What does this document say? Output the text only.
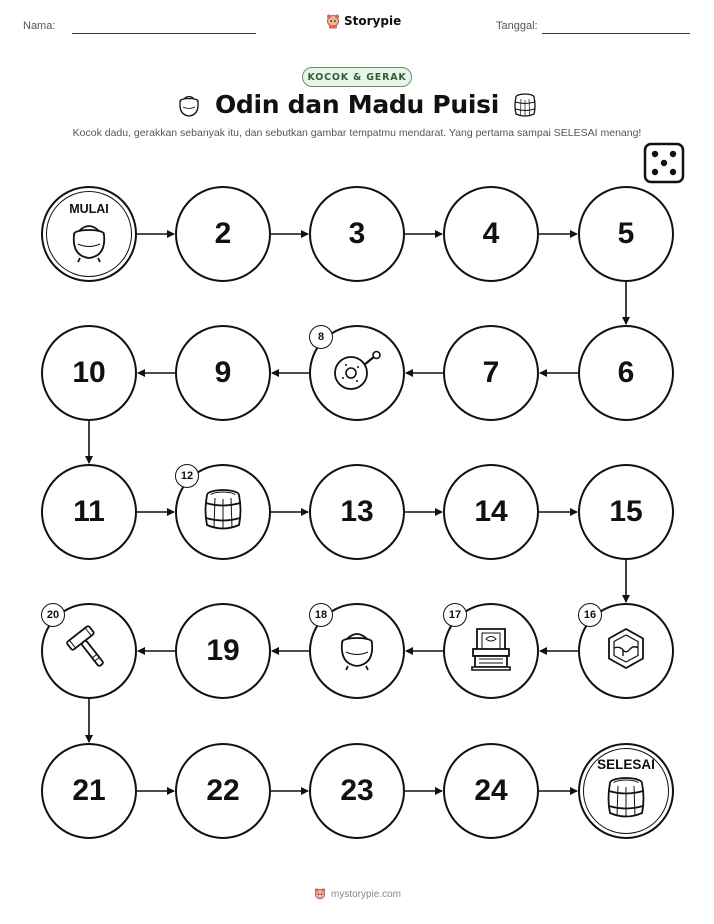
Nama:	Storypie	Tanggal:
KOCOK & GERAK
Odin dan Madu Puisi
Kocok dadu, gerakkan sebanyak itu, dan sebutkan gambar tempatmu mendarat. Yang pertama sampai SELESAI menang!
MULAI
2	3	4	5
6
7
8
9
10
11
12
13	14	15
16
17
18
19
20
21	22	23	24
SELESAI
mystorypie.com
